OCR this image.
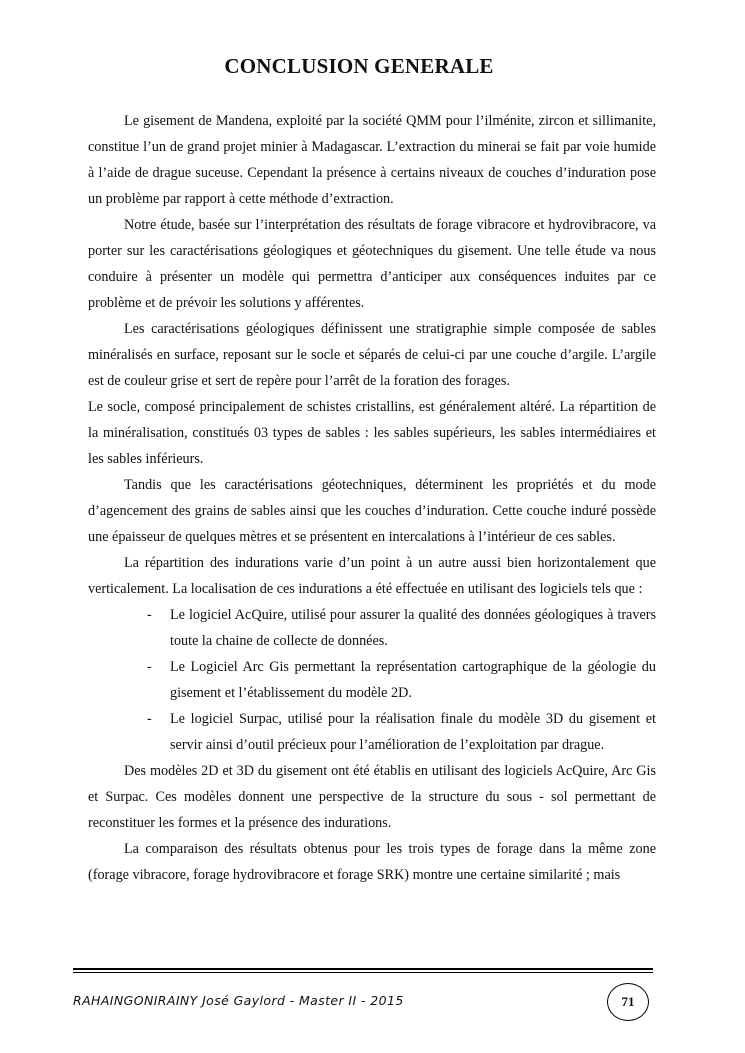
CONCLUSION GENERALE

Le gisement de Mandena, exploité par la société QMM pour l’ilménite, zircon et sillimanite, constitue l’un de grand projet minier à Madagascar. L’extraction du minerai se fait par voie humide à l’aide de drague suceuse. Cependant la présence à certains niveaux de couches d’induration pose un problème par rapport à cette méthode d’extraction.

Notre étude, basée sur l’interprétation des résultats de forage vibracore et hydrovibracore, va porter sur les caractérisations géologiques et géotechniques du gisement. Une telle étude va nous conduire à présenter un modèle qui permettra d’anticiper aux conséquences induites par ce problème et de prévoir les solutions y afférentes.

Les caractérisations géologiques définissent une stratigraphie simple composée de sables minéralisés en surface, reposant sur le socle et séparés de celui-ci par une couche d’argile. L’argile est de couleur grise et sert de repère pour l’arrêt de la foration des forages.

Le socle, composé principalement de schistes cristallins, est généralement altéré. La répartition de la minéralisation, constitués 03 types de sables : les sables supérieurs, les sables intermédiaires et les sables inférieurs.

Tandis que les caractérisations géotechniques, déterminent les propriétés et du mode d’agencement des grains de sables ainsi que les couches d’induration. Cette couche induré possède une épaisseur de quelques mètres et se présentent en intercalations à l’intérieur de ces sables.

La répartition des indurations varie d’un point à un autre aussi bien horizontalement que verticalement. La localisation de ces indurations a été effectuée en utilisant des logiciels tels que :

- Le logiciel AcQuire, utilisé pour assurer la qualité des données géologiques à travers toute la chaine de collecte de données.
- Le Logiciel Arc Gis permettant la représentation cartographique de la géologie du gisement et l’établissement du modèle 2D.
- Le logiciel Surpac, utilisé pour la réalisation finale du modèle 3D du gisement et servir ainsi d’outil précieux pour l’amélioration de l’exploitation par drague.

Des modèles 2D et 3D du gisement ont été établis en utilisant des logiciels AcQuire, Arc Gis et Surpac. Ces modèles donnent une perspective de la structure du sous - sol permettant de reconstituer les formes et la présence des indurations.

La comparaison des résultats obtenus pour les trois types de forage dans la même zone (forage vibracore, forage hydrovibracore et forage SRK) montre une certaine similarité ; mais

RAHAINGONIRAINY José Gaylord - Master II - 2015	71
